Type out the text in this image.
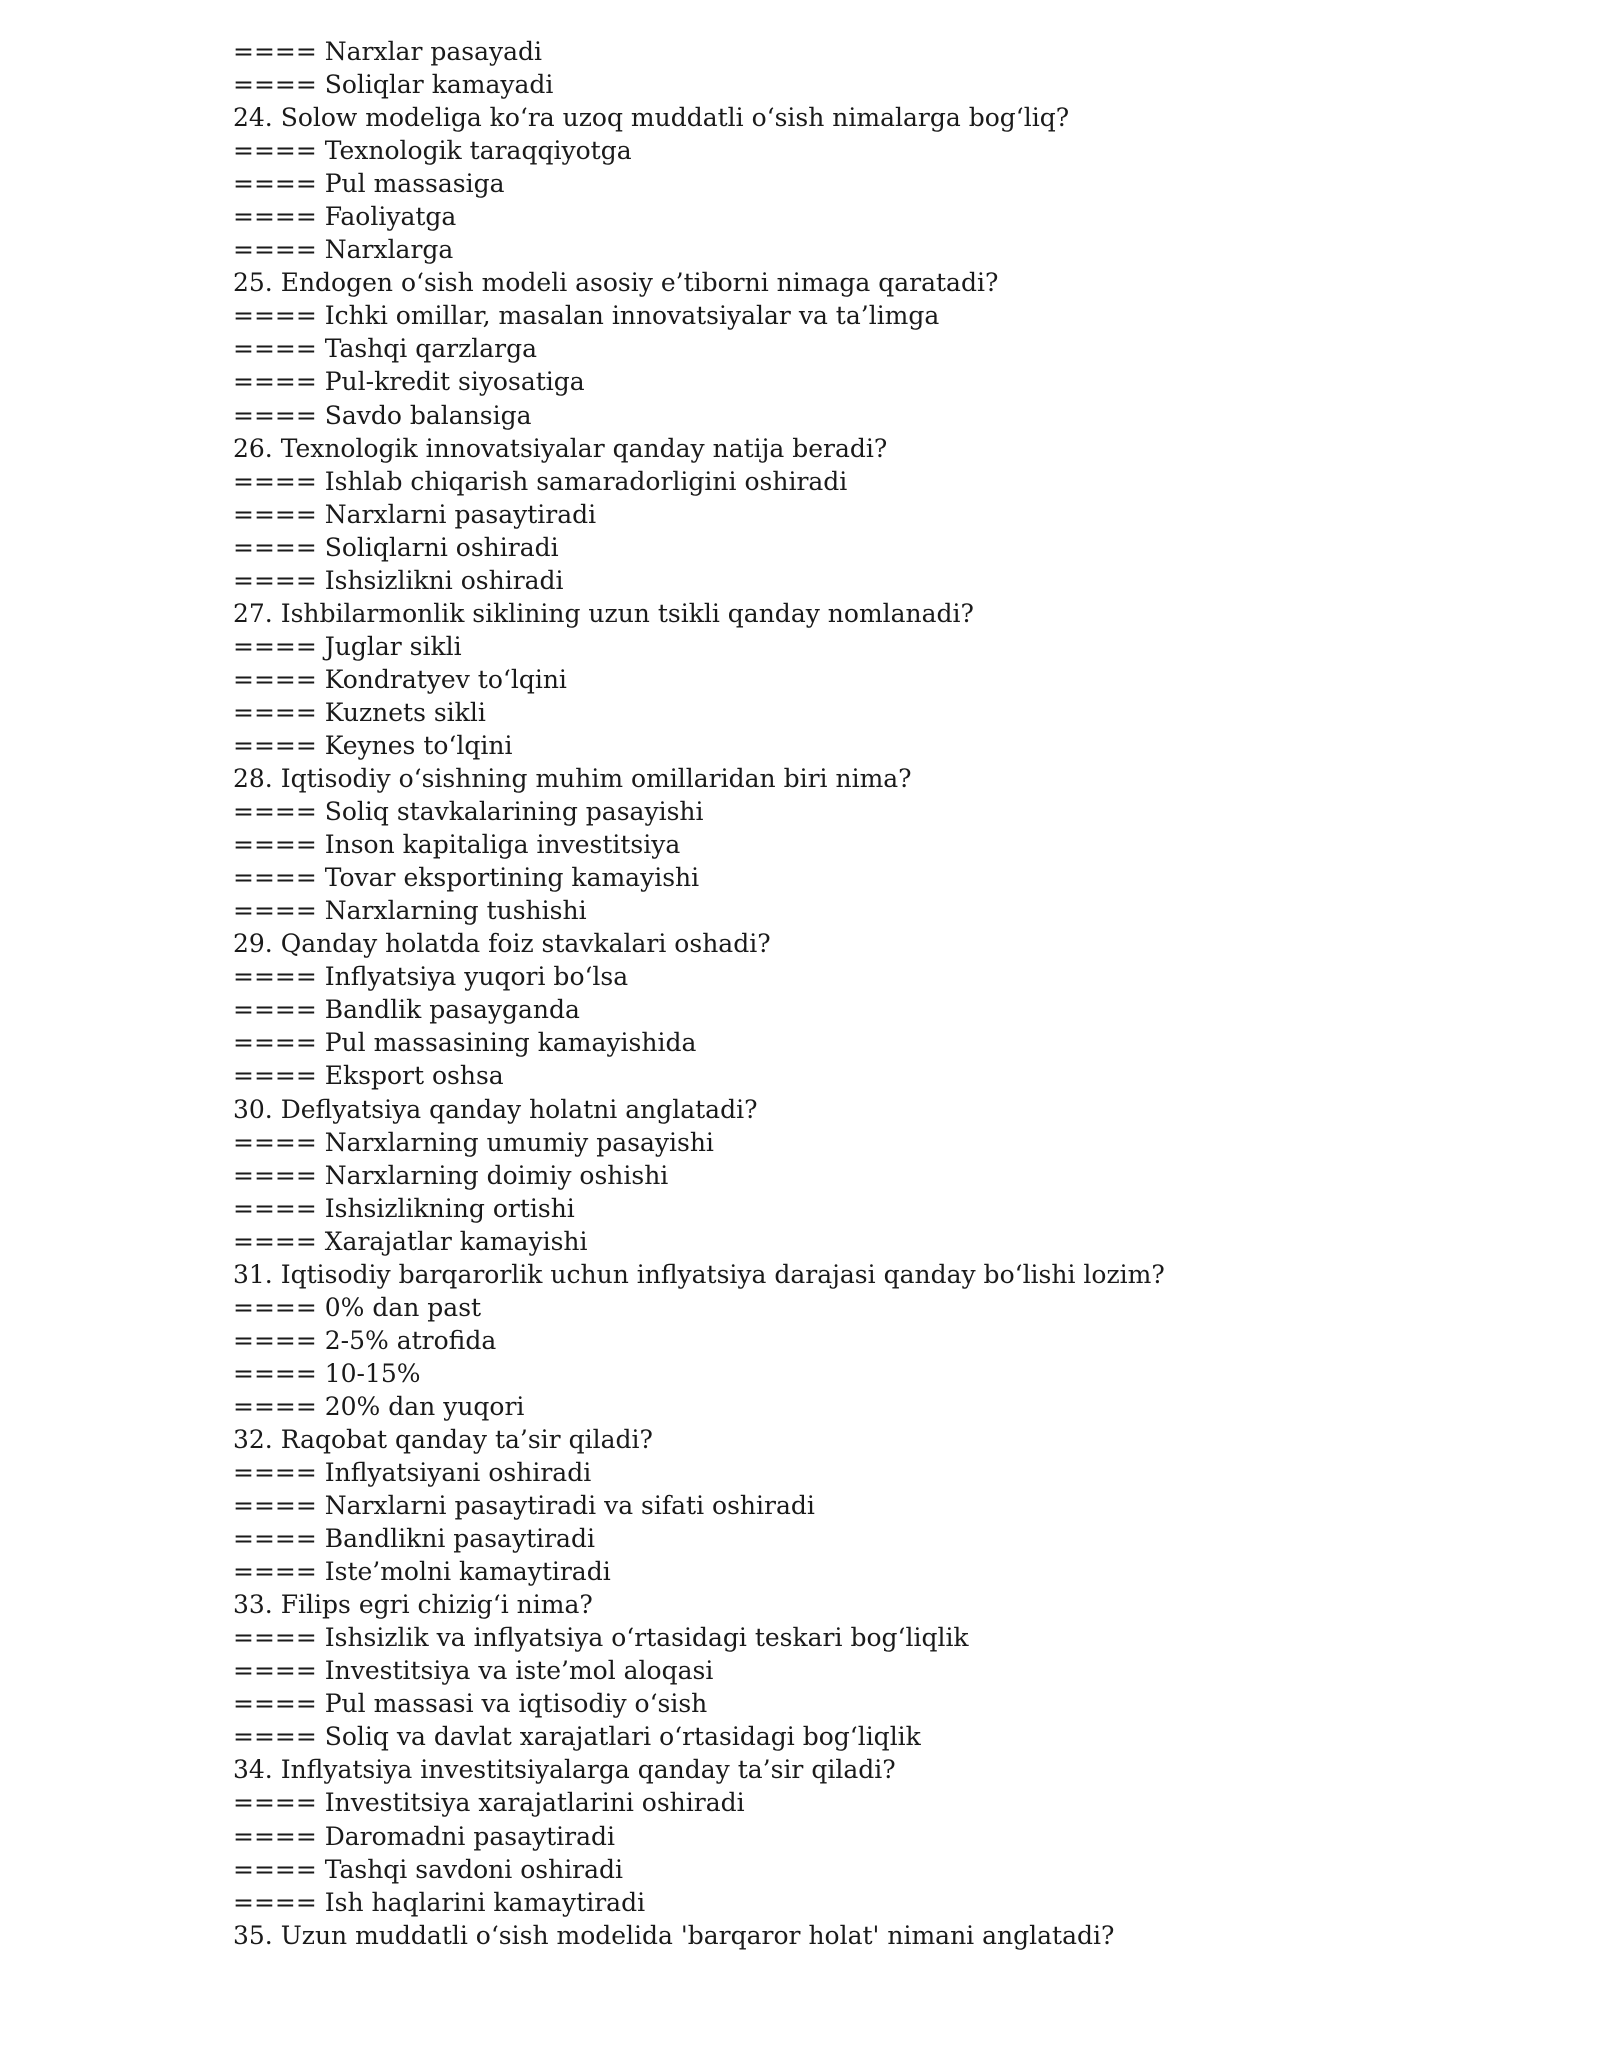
==== Narxlar pasayadi
==== Soliqlar kamayadi
24. Solow modeliga ko‘ra uzoq muddatli o‘sish nimalarga bog‘liq?
==== Texnologik taraqqiyotga
==== Pul massasiga
==== Faoliyatga
==== Narxlarga
25. Endogen o‘sish modeli asosiy e’tiborni nimaga qaratadi?
==== Ichki omillar, masalan innovatsiyalar va ta’limga
==== Tashqi qarzlarga
==== Pul-kredit siyosatiga
==== Savdo balansiga
26. Texnologik innovatsiyalar qanday natija beradi?
==== Ishlab chiqarish samaradorligini oshiradi
==== Narxlarni pasaytiradi
==== Soliqlarni oshiradi
==== Ishsizlikni oshiradi
27. Ishbilarmonlik siklining uzun tsikli qanday nomlanadi?
==== Juglar sikli
==== Kondratyev to‘lqini
==== Kuznets sikli
==== Keynes to‘lqini
28. Iqtisodiy o‘sishning muhim omillaridan biri nima?
==== Soliq stavkalarining pasayishi
==== Inson kapitaliga investitsiya
==== Tovar eksportining kamayishi
==== Narxlarning tushishi
29. Qanday holatda foiz stavkalari oshadi?
==== Inflyatsiya yuqori bo‘lsa
==== Bandlik pasayganda
==== Pul massasining kamayishida
==== Eksport oshsa
30. Deflyatsiya qanday holatni anglatadi?
==== Narxlarning umumiy pasayishi
==== Narxlarning doimiy oshishi
==== Ishsizlikning ortishi
==== Xarajatlar kamayishi
31. Iqtisodiy barqarorlik uchun inflyatsiya darajasi qanday bo‘lishi lozim?
==== 0% dan past
==== 2-5% atrofida
==== 10-15%
==== 20% dan yuqori
32. Raqobat qanday ta’sir qiladi?
==== Inflyatsiyani oshiradi
==== Narxlarni pasaytiradi va sifati oshiradi
==== Bandlikni pasaytiradi
==== Iste’molni kamaytiradi
33. Filips egri chizig‘i nima?
==== Ishsizlik va inflyatsiya o‘rtasidagi teskari bog‘liqlik
==== Investitsiya va iste’mol aloqasi
==== Pul massasi va iqtisodiy o‘sish
==== Soliq va davlat xarajatlari o‘rtasidagi bog‘liqlik
34. Inflyatsiya investitsiyalarga qanday ta’sir qiladi?
==== Investitsiya xarajatlarini oshiradi
==== Daromadni pasaytiradi
==== Tashqi savdoni oshiradi
==== Ish haqlarini kamaytiradi
35. Uzun muddatli o‘sish modelida 'barqaror holat' nimani anglatadi?
